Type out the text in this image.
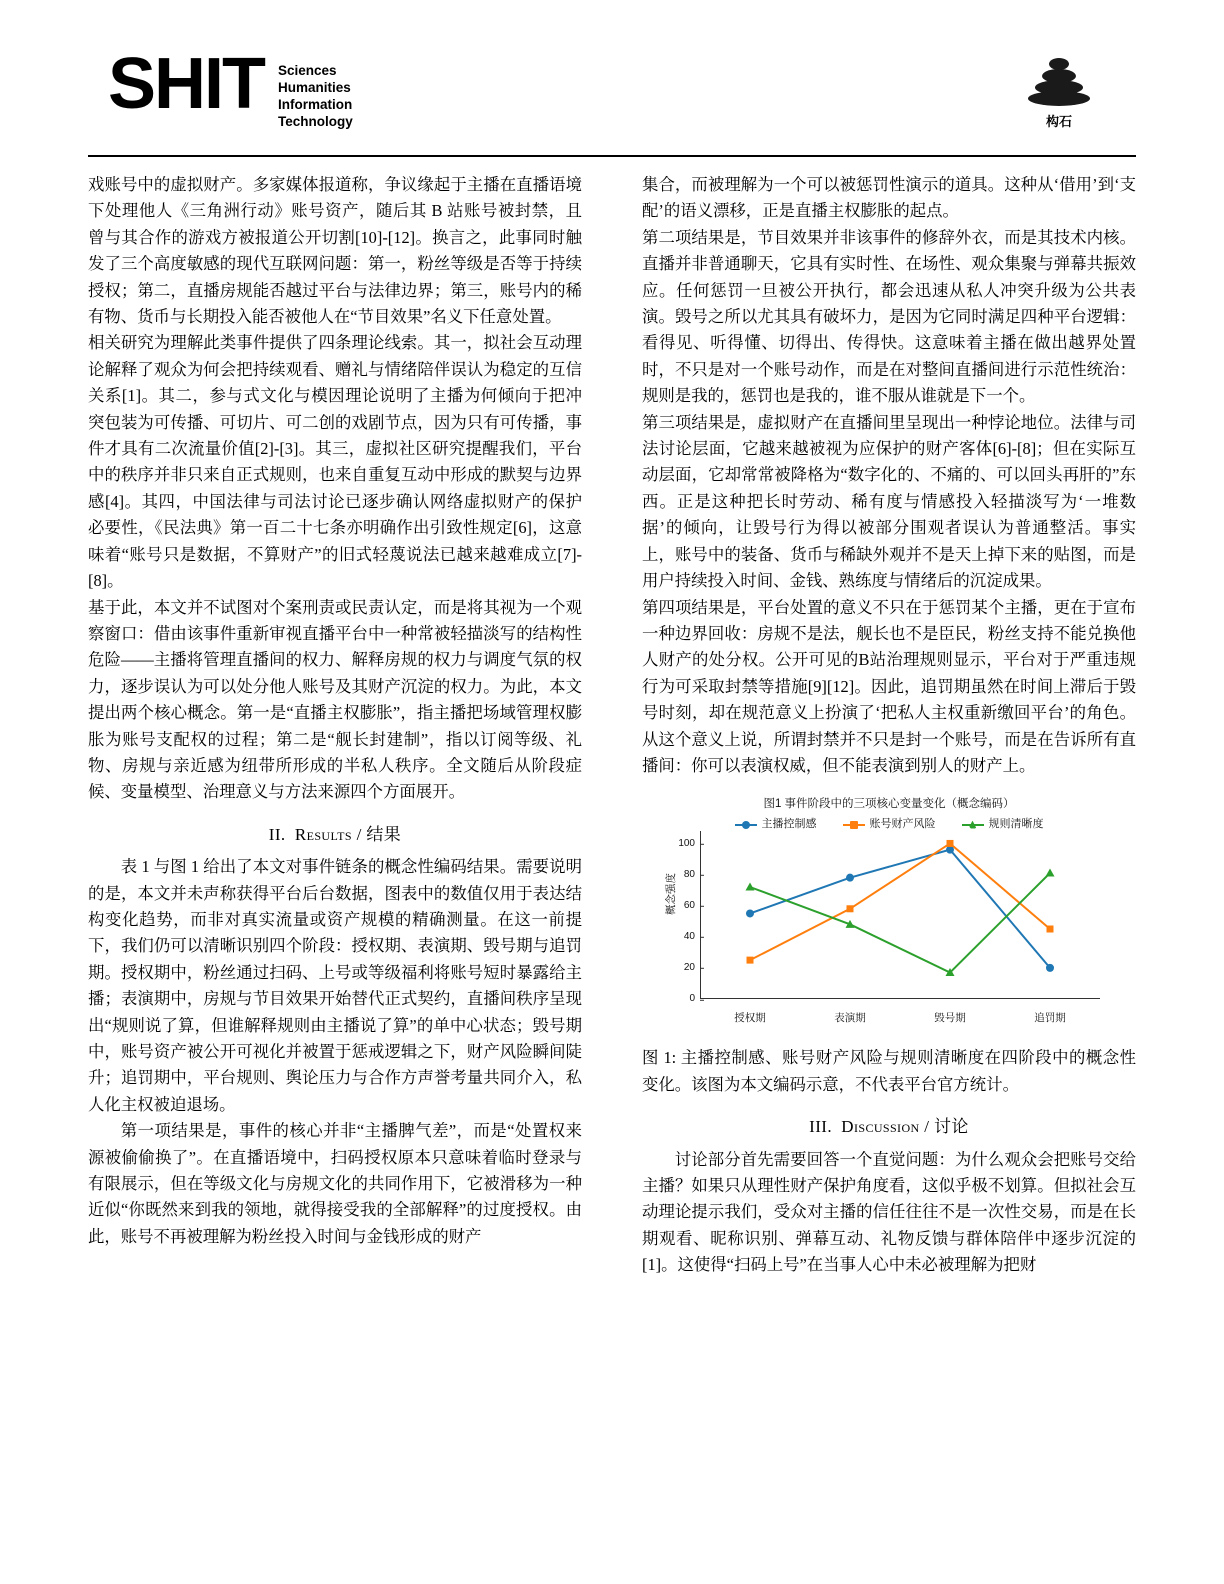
SHIT Sciences
Humanities
Information
Technology	构石

戏账号中的虚拟财产。多家媒体报道称，争议缘起于主播在直播语境下处理他人《三角洲行动》账号资产，随后其 B 站账号被封禁，且曾与其合作的游戏方被报道公开切割[10]-[12]。换言之，此事同时触发了三个高度敏感的现代互联网问题：第一，粉丝等级是否等于持续授权；第二，直播房规能否越过平台与法律边界；第三，账号内的稀有物、货币与长期投入能否被他人在“节目效果”名义下任意处置。

相关研究为理解此类事件提供了四条理论线索。其一，拟社会互动理论解释了观众为何会把持续观看、赠礼与情绪陪伴误认为稳定的互信关系[1]。其二，参与式文化与模因理论说明了主播为何倾向于把冲突包装为可传播、可切片、可二创的戏剧节点，因为只有可传播，事件才具有二次流量价值[2]-[3]。其三，虚拟社区研究提醒我们，平台中的秩序并非只来自正式规则，也来自重复互动中形成的默契与边界感[4]。其四，中国法律与司法讨论已逐步确认网络虚拟财产的保护必要性，《民法典》第一百二十七条亦明确作出引致性规定[6]，这意味着“账号只是数据，不算财产”的旧式轻蔑说法已越来越难成立[7]-[8]。

基于此，本文并不试图对个案刑责或民责认定，而是将其视为一个观察窗口：借由该事件重新审视直播平台中一种常被轻描淡写的结构性危险——主播将管理直播间的权力、解释房规的权力与调度气氛的权力，逐步误认为可以处分他人账号及其财产沉淀的权力。为此，本文提出两个核心概念。第一是“直播主权膨胀”，指主播把场域管理权膨胀为账号支配权的过程；第二是“舰长封建制”，指以订阅等级、礼物、房规与亲近感为纽带所形成的半私人秩序。全文随后从阶段症候、变量模型、治理意义与方法来源四个方面展开。

II. Results / 结果

表 1 与图 1 给出了本文对事件链条的概念性编码结果。需要说明的是，本文并未声称获得平台后台数据，图表中的数值仅用于表达结构变化趋势，而非对真实流量或资产规模的精确测量。在这一前提下，我们仍可以清晰识别四个阶段：授权期、表演期、毁号期与追罚期。授权期中，粉丝通过扫码、上号或等级福利将账号短时暴露给主播；表演期中，房规与节目效果开始替代正式契约，直播间秩序呈现出“规则说了算，但谁解释规则由主播说了算”的单中心状态；毁号期中，账号资产被公开可视化并被置于惩戒逻辑之下，财产风险瞬间陡升；追罚期中，平台规则、舆论压力与合作方声誉考量共同介入，私人化主权被迫退场。

第一项结果是，事件的核心并非“主播脾气差”，而是“处置权来源被偷偷换了”。在直播语境中，扫码授权原本只意味着临时登录与有限展示，但在等级文化与房规文化的共同作用下，它被滑移为一种近似“你既然来到我的领地，就得接受我的全部解释”的过度授权。由此，账号不再被理解为粉丝投入时间与金钱形成的财产

集合，而被理解为一个可以被惩罚性演示的道具。这种从‘借用’到‘支配’的语义漂移，正是直播主权膨胀的起点。

第二项结果是，节目效果并非该事件的修辞外衣，而是其技术内核。直播并非普通聊天，它具有实时性、在场性、观众集聚与弹幕共振效应。任何惩罚一旦被公开执行，都会迅速从私人冲突升级为公共表演。毁号之所以尤其具有破坏力，是因为它同时满足四种平台逻辑：看得见、听得懂、切得出、传得快。这意味着主播在做出越界处置时，不只是对一个账号动作，而是在对整间直播间进行示范性统治：规则是我的，惩罚也是我的，谁不服从谁就是下一个。

第三项结果是，虚拟财产在直播间里呈现出一种悖论地位。法律与司法讨论层面，它越来越被视为应保护的财产客体[6]-[8]；但在实际互动层面，它却常常被降格为“数字化的、不痛的、可以回头再肝的”东西。正是这种把长时劳动、稀有度与情感投入轻描淡写为‘一堆数据’的倾向，让毁号行为得以被部分围观者误认为普通整活。事实上，账号中的装备、货币与稀缺外观并不是天上掉下来的贴图，而是用户持续投入时间、金钱、熟练度与情绪后的沉淀成果。

第四项结果是，平台处置的意义不只在于惩罚某个主播，更在于宣布一种边界回收：房规不是法，舰长也不是臣民，粉丝支持不能兑换他人财产的处分权。公开可见的B站治理规则显示，平台对于严重违规行为可采取封禁等措施[9][12]。因此，追罚期虽然在时间上滞后于毁号时刻，却在规范意义上扮演了‘把私人主权重新缴回平台’的角色。从这个意义上说，所谓封禁并不只是封一个账号，而是在告诉所有直播间：你可以表演权威，但不能表演到别人的财产上。

图1 事件阶段中的三项核心变量变化（概念编码）
主播控制感	账号财产风险	规则清晰度
概念强度
0
20
40
60
80
100
授权期	表演期	毁号期	追罚期
图 1: 主播控制感、账号财产风险与规则清晰度在四阶段中的概念性变化。该图为本文编码示意，不代表平台官方统计。
III. Discussion / 讨论

讨论部分首先需要回答一个直觉问题：为什么观众会把账号交给主播？如果只从理性财产保护角度看，这似乎极不划算。但拟社会互动理论提示我们，受众对主播的信任往往不是一次性交易，而是在长期观看、昵称识别、弹幕互动、礼物反馈与群体陪伴中逐步沉淀的[1]。这使得“扫码上号”在当事人心中未必被理解为把财
